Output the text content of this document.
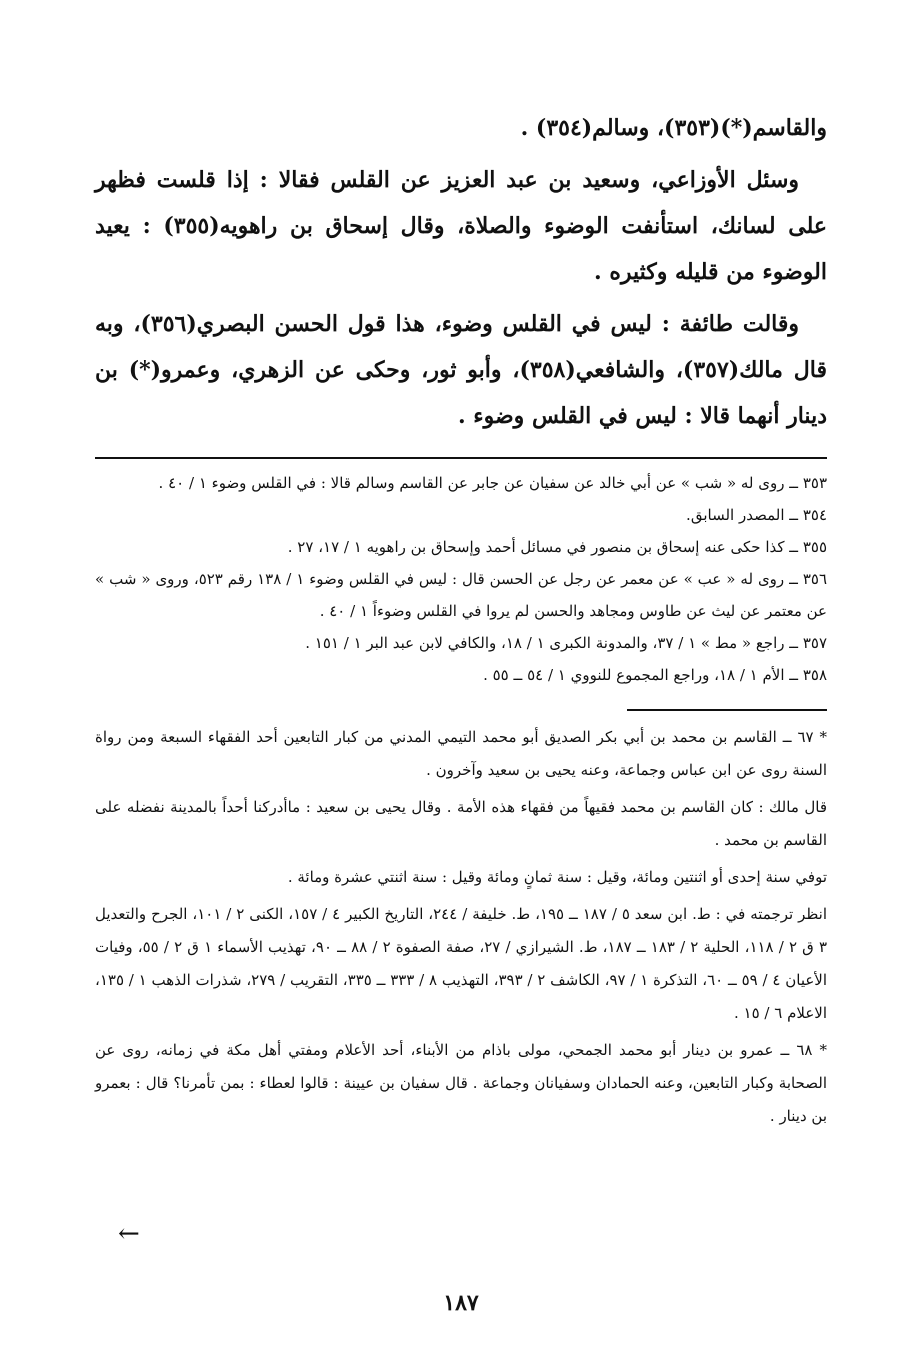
والقاسم(*)(٣٥٣)، وسالم(٣٥٤) .

وسئل الأوزاعي، وسعيد بن عبد العزيز عن القلس فقالا : إذا قلست فظهر على لسانك، استأنفت الوضوء والصلاة، وقال إسحاق بن راهويه(٣٥٥) : يعيد الوضوء من قليله وكثيره .

وقالت طائفة : ليس في القلس وضوء، هذا قول الحسن البصري(٣٥٦)، وبه قال مالك(٣٥٧)، والشافعي(٣٥٨)، وأبو ثور، وحكى عن الزهري، وعمرو(*) بن دينار أنهما قالا : ليس في القلس وضوء .

٣٥٣ ــ روى له « شب » عن أبي خالد عن سفيان عن جابر عن القاسم وسالم قالا : في القلس وضوء ١ / ٤٠ .

٣٥٤ ــ المصدر السابق.

٣٥٥ ــ كذا حكى عنه إسحاق بن منصور في مسائل أحمد وإسحاق بن راهويه ١ / ١٧، ٢٧ .

٣٥٦ ــ روى له « عب » عن معمر عن رجل عن الحسن قال : ليس في القلس وضوء ١ / ١٣٨ رقم ٥٢٣، وروى « شب » عن معتمر عن ليث عن طاوس ومجاهد والحسن لم يروا في القلس وضوءاً ١ / ٤٠ .

٣٥٧ ــ راجع « مط » ١ / ٣٧، والمدونة الكبرى ١ / ١٨، والكافي لابن عبد البر ١ / ١٥١ .

٣٥٨ ــ الأم ١ / ١٨، وراجع المجموع للنووي ١ / ٥٤ ــ ٥٥ .

* ٦٧ ــ القاسم بن محمد بن أبي بكر الصديق أبو محمد التيمي المدني من كبار التابعين أحد الفقهاء السبعة ومن رواة السنة روى عن ابن عباس وجماعة، وعنه يحيى بن سعيد وآخرون .

قال مالك : كان القاسم بن محمد فقيهاً من فقهاء هذه الأمة . وقال يحيى بن سعيد : ماأدركنا أحداً بالمدينة نفضله على القاسم بن محمد .

توفي سنة إحدى أو اثنتين ومائة، وقيل : سنة ثمانٍ ومائة وقيل : سنة اثنتي عشرة ومائة .

انظر ترجمته في : ط. ابن سعد ٥ / ١٨٧ ــ ١٩٥، ط. خليفة / ٢٤٤، التاريخ الكبير ٤ / ١٥٧، الكنى ٢ / ١٠١، الجرح والتعديل ٣ ق ٢ / ١١٨، الحلية ٢ / ١٨٣ ــ ١٨٧، ط. الشيرازي / ٢٧، صفة الصفوة ٢ / ٨٨ ــ ٩٠، تهذيب الأسماء ١ ق ٢ / ٥٥، وفيات الأعيان ٤ / ٥٩ ــ ٦٠، التذكرة ١ / ٩٧، الكاشف ٢ / ٣٩٣، التهذيب ٨ / ٣٣٣ ــ ٣٣٥، التقريب / ٢٧٩، شذرات الذهب ١ / ١٣٥، الاعلام ٦ / ١٥ .

* ٦٨ ــ عمرو بن دينار أبو محمد الجمحي، مولى باذام من الأبناء، أحد الأعلام ومفتي أهل مكة في زمانه، روى عن الصحابة وكبار التابعين، وعنه الحمادان وسفيانان وجماعة . قال سفيان بن عيينة : قالوا لعطاء : بمن تأمرنا؟ قال : بعمرو بن دينار .

←
١٨٧
